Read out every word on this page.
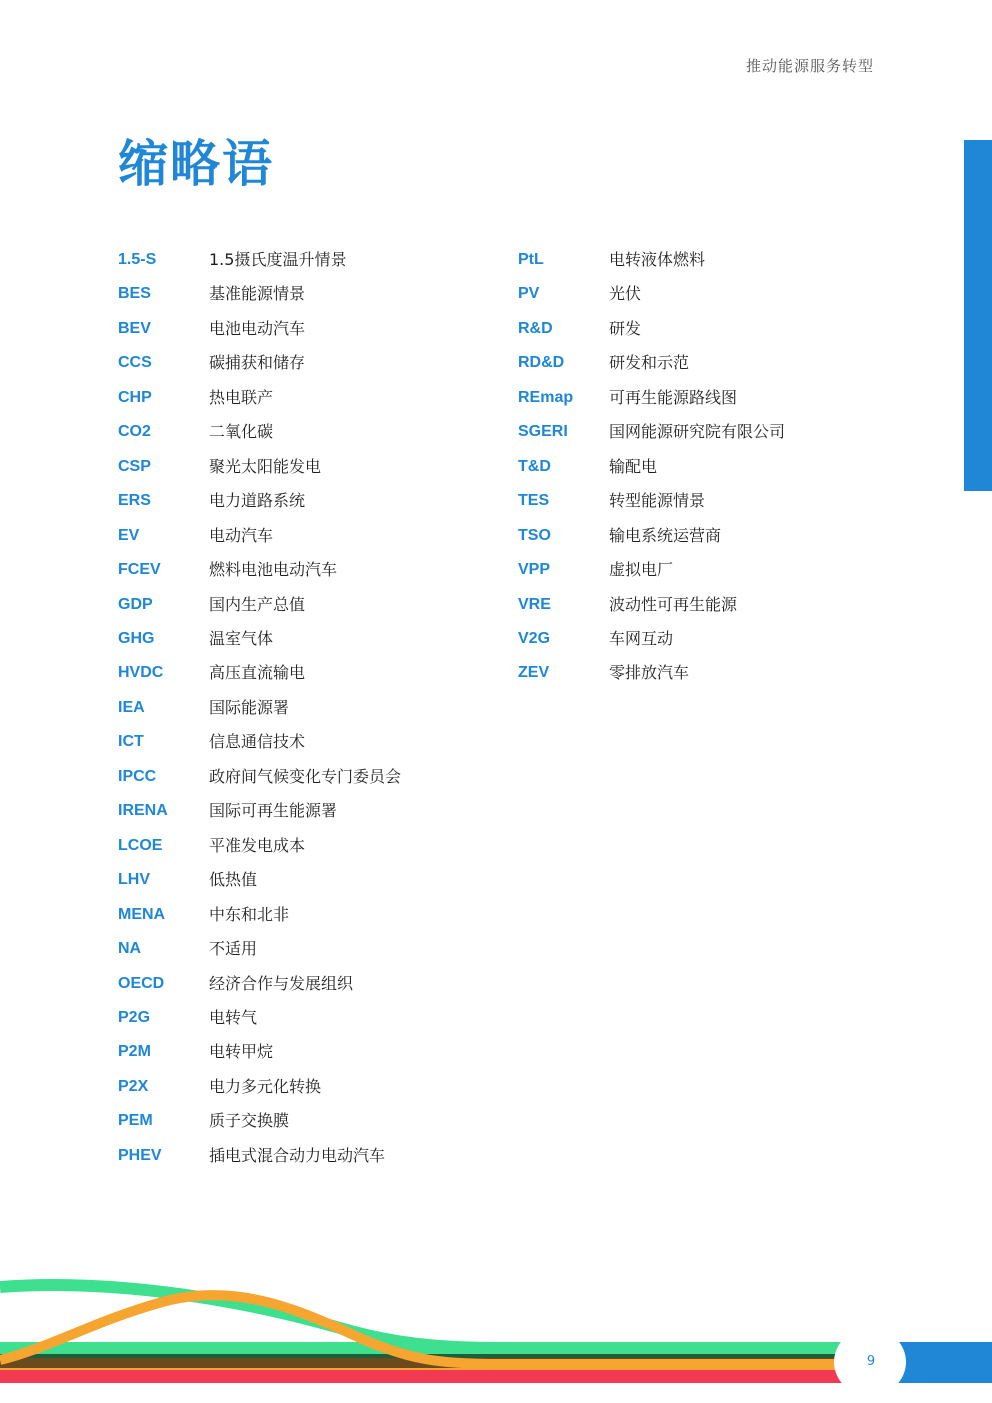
推动能源服务转型
缩略语
1.5-S	1.5摄氏度温升情景
BES	基准能源情景
BEV	电池电动汽车
CCS	碳捕获和储存
CHP	热电联产
CO2	二氧化碳
CSP	聚光太阳能发电
ERS	电力道路系统
EV	电动汽车
FCEV	燃料电池电动汽车
GDP	国内生产总值
GHG	温室气体
HVDC	高压直流输电
IEA	国际能源署
ICT	信息通信技术
IPCC	政府间气候变化专门委员会
IRENA	国际可再生能源署
LCOE	平准发电成本
LHV	低热值
MENA	中东和北非
NA	不适用
OECD	经济合作与发展组织
P2G	电转气
P2M	电转甲烷
P2X	电力多元化转换
PEM	质子交换膜
PHEV	插电式混合动力电动汽车
PtL	电转液体燃料
PV	光伏
R&D	研发
RD&D	研发和示范
REmap	可再生能源路线图
SGERI	国网能源研究院有限公司
T&D	输配电
TES	转型能源情景
TSO	输电系统运营商
VPP	虚拟电厂
VRE	波动性可再生能源
V2G	车网互动
ZEV	零排放汽车
9
